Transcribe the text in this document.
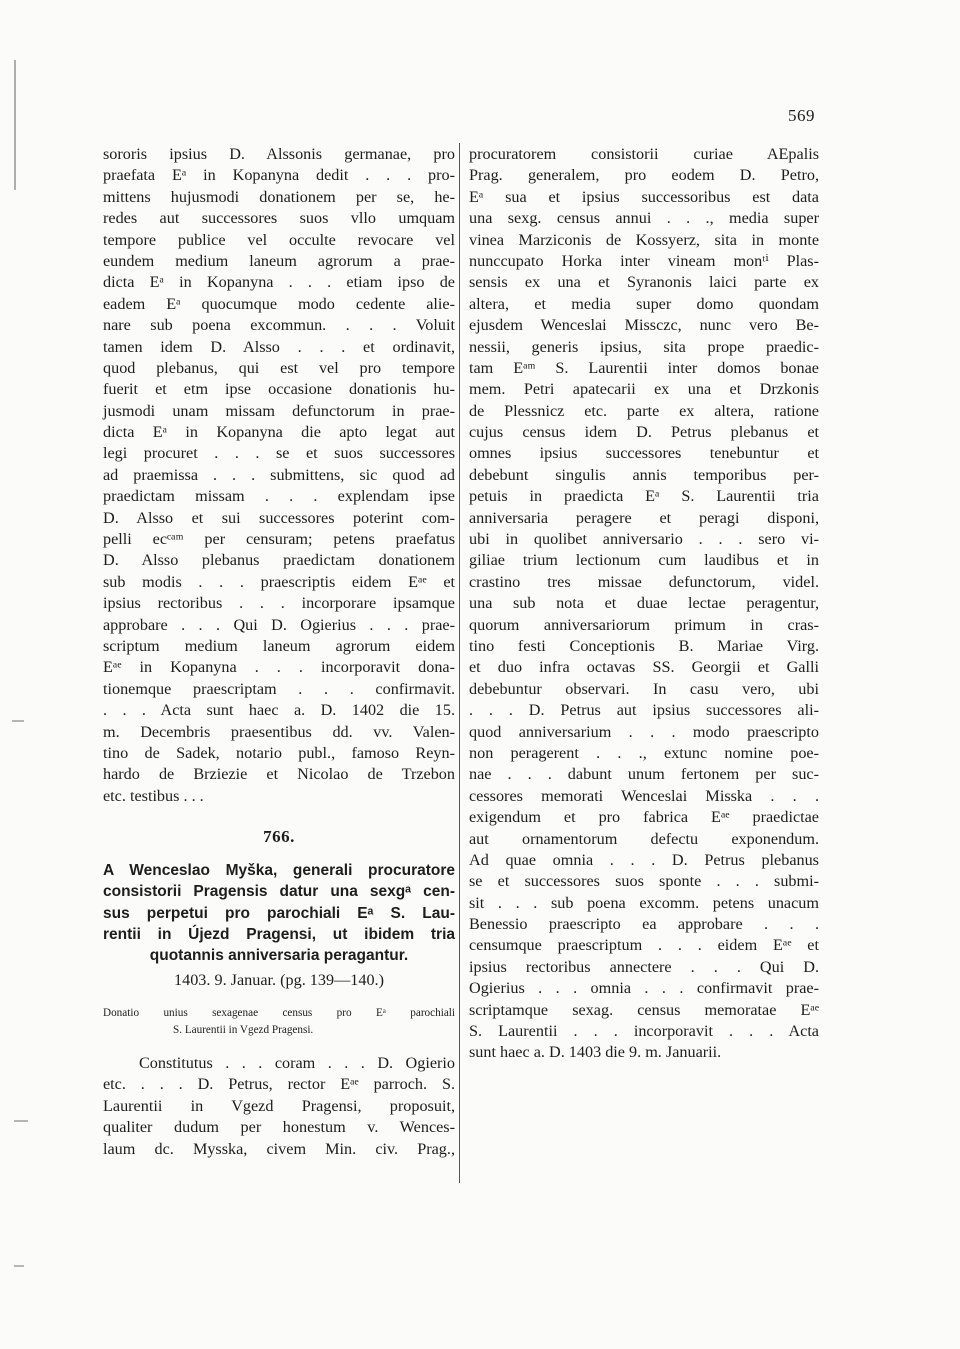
569
sororis ipsius D. Alssonis germanae, pro
praefata Eᵃ in Kopanyna dedit . . . pro-
mittens hujusmodi donationem per se, he-
redes aut successores suos vllo umquam
tempore publice vel occulte revocare vel
eundem medium laneum agrorum a prae-
dicta Eᵃ in Kopanyna . . . etiam ipso de
eadem Eᵃ quocumque modo cedente alie-
nare sub poena excommun. . . . Voluit
tamen idem D. Alsso . . . et ordinavit,
quod plebanus, qui est vel pro tempore
fuerit et etm ipse occasione donationis hu-
jusmodi unam missam defunctorum in prae-
dicta Eᵃ in Kopanyna die apto legat aut
legi procuret . . . se et suos successores
ad praemissa . . . submittens, sic quod ad
praedictam missam . . . explendam ipse
D. Alsso et sui successores poterint com-
pelli ecᶜᵃᵐ per censuram; petens praefatus
D. Alsso plebanus praedictam donationem
sub modis . . . praescriptis eidem Eᵃᵉ et
ipsius rectoribus . . . incorporare ipsamque
approbare . . . Qui D. Ogierius . . . prae-
scriptum medium laneum agrorum eidem
Eᵃᵉ in Kopanyna . . . incorporavit dona-
tionemque praescriptam . . . confirmavit.
. . . Acta sunt haec a. D. 1402 die 15.
m. Decembris praesentibus dd. vv. Valen-
tino de Sadek, notario publ., famoso Reyn-
hardo de Brziezie et Nicolao de Trzebon
etc. testibus . . .
766.
A Wenceslao Myška, generali procuratore
consistorii Pragensis datur una sexgᵃ cen-
sus perpetui pro parochiali Eᵃ S. Lau-
rentii in Újezd Pragensi, ut ibidem tria
quotannis anniversaria peragantur.
1403. 9. Januar. (pg. 139—140.)
Donatio unius sexagenae census pro Eᵃ parochiali
S. Laurentii in Vgezd Pragensi.
Constitutus . . . coram . . . D. Ogierio
etc. . . . D. Petrus, rector Eᵃᵉ parroch. S.
Laurentii in Vgezd Pragensi, proposuit,
qualiter dudum per honestum v. Wences-
laum dc. Mysska, civem Min. civ. Prag.,
procuratorem consistorii curiae AEpalis
Prag. generalem, pro eodem D. Petro,
Eᵃ sua et ipsius successoribus est data
una sexg. census annui . . ., media super
vinea Marziconis de Kossyerz, sita in monte
nunccupato Horka inter vineam monᵗⁱ Plas-
sensis ex una et Syranonis laici parte ex
altera, et media super domo quondam
ejusdem Wenceslai Missczc, nunc vero Be-
nessii, generis ipsius, sita prope praedic-
tam Eᵃᵐ S. Laurentii inter domos bonae
mem. Petri apatecarii ex una et Drzkonis
de Plessnicz etc. parte ex altera, ratione
cujus census idem D. Petrus plebanus et
omnes ipsius successores tenebuntur et
debebunt singulis annis temporibus per-
petuis in praedicta Eᵃ S. Laurentii tria
anniversaria peragere et peragi disponi,
ubi in quolibet anniversario . . . sero vi-
giliae trium lectionum cum laudibus et in
crastino tres missae defunctorum, videl.
una sub nota et duae lectae peragentur,
quorum anniversariorum primum in cras-
tino festi Conceptionis B. Mariae Virg.
et duo infra octavas SS. Georgii et Galli
debebuntur observari. In casu vero, ubi
. . . D. Petrus aut ipsius successores ali-
quod anniversarium . . . modo praescripto
non peragerent . . ., extunc nomine poe-
nae . . . dabunt unum fertonem per suc-
cessores memorati Wenceslai Misska . . .
exigendum et pro fabrica Eᵃᵉ praedictae
aut ornamentorum defectu exponendum.
Ad quae omnia . . . D. Petrus plebanus
se et successores suos sponte . . . submi-
sit . . . sub poena excomm. petens unacum
Benessio praescripto ea approbare . . .
censumque praescriptum . . . eidem Eᵃᵉ et
ipsius rectoribus annectere . . . Qui D.
Ogierius . . . omnia . . . confirmavit prae-
scriptamque sexag. census memoratae Eᵃᵉ
S. Laurentii . . . incorporavit . . . Acta
sunt haec a. D. 1403 die 9. m. Januarii.
